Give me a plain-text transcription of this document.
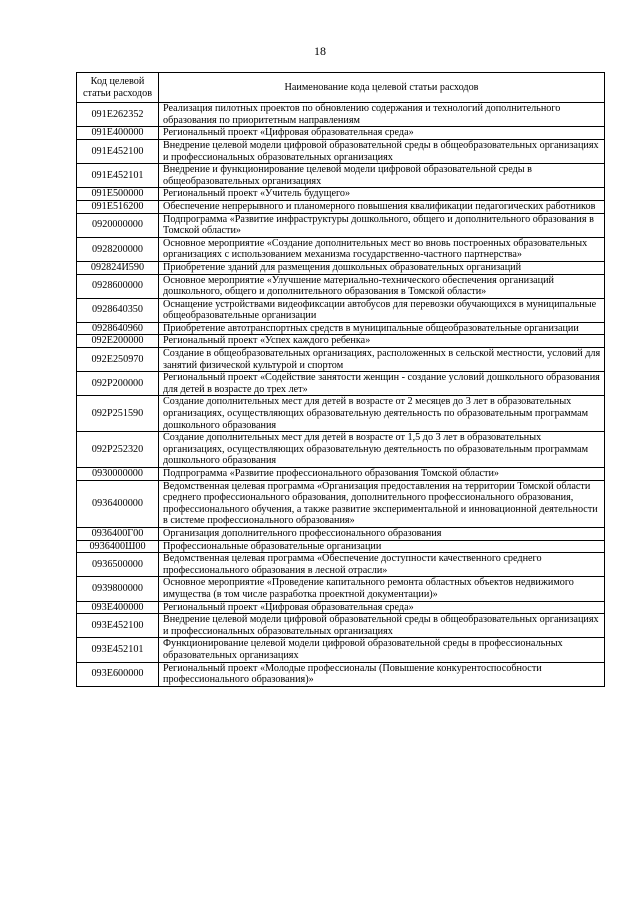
18
Код целевой статьи расходов	Наименование кода целевой статьи расходов
091E262352	Реализация пилотных проектов по обновлению содержания и технологий дополнительного образования по приоритетным направлениям
091E400000	Региональный проект «Цифровая образовательная среда»
091E452100	Внедрение целевой модели цифровой образовательной среды в общеобразовательных организациях и профессиональных образовательных организациях
091E452101	Внедрение и функционирование целевой модели цифровой образовательной среды в общеобразовательных организациях
091E500000	Региональный проект «Учитель будущего»
091E516200	Обеспечение непрерывного и планомерного повышения квалификации педагогических работников
0920000000	Подпрограмма «Развитие инфраструктуры дошкольного, общего и дополнительного образования в Томской области»
0928200000	Основное мероприятие «Создание дополнительных мест во вновь построенных образовательных организациях с использованием механизма государственно-частного партнерства»
092824И590	Приобретение зданий для размещения дошкольных образовательных организаций
0928600000	Основное мероприятие «Улучшение материально-технического обеспечения организаций дошкольного, общего и дополнительного образования в Томской области»
0928640350	Оснащение устройствами видеофиксации автобусов для перевозки обучающихся в муниципальные общеобразовательные организации
0928640960	Приобретение автотранспортных средств в муниципальные общеобразовательные организации
092E200000	Региональный проект «Успех каждого ребенка»
092E250970	Создание в общеобразовательных организациях, расположенных в сельской местности, условий для занятий физической культурой и спортом
092P200000	Региональный проект «Содействие занятости женщин - создание условий дошкольного образования для детей в возрасте до трех лет»
092P251590	Создание дополнительных мест для детей в возрасте от 2 месяцев до 3 лет в образовательных организациях, осуществляющих образовательную деятельность по образовательным программам дошкольного образования
092P252320	Создание дополнительных мест для детей в возрасте от 1,5 до 3 лет в образовательных организациях, осуществляющих образовательную деятельность по образовательным программам дошкольного образования
0930000000	Подпрограмма «Развитие профессионального образования Томской области»
0936400000	Ведомственная целевая программа «Организация предоставления на территории Томской области среднего профессионального образования, дополнительного профессионального образования, профессионального обучения, а также развитие экспериментальной и инновационной деятельности в системе профессионального образования»
0936400Г00	Организация дополнительного профессионального образования
0936400Ш00	Профессиональные образовательные организации
0936500000	Ведомственная целевая программа «Обеспечение доступности качественного среднего профессионального образования в лесной отрасли»
0939800000	Основное мероприятие «Проведение капитального ремонта областных объектов недвижимого имущества (в том числе разработка проектной документации)»
093E400000	Региональный проект «Цифровая образовательная среда»
093E452100	Внедрение целевой модели цифровой образовательной среды в общеобразовательных организациях и профессиональных образовательных организациях
093E452101	Функционирование целевой модели цифровой образовательной среды в профессиональных образовательных организациях
093E600000	Региональный проект «Молодые профессионалы (Повышение конкурентоспособности профессионального образования)»
